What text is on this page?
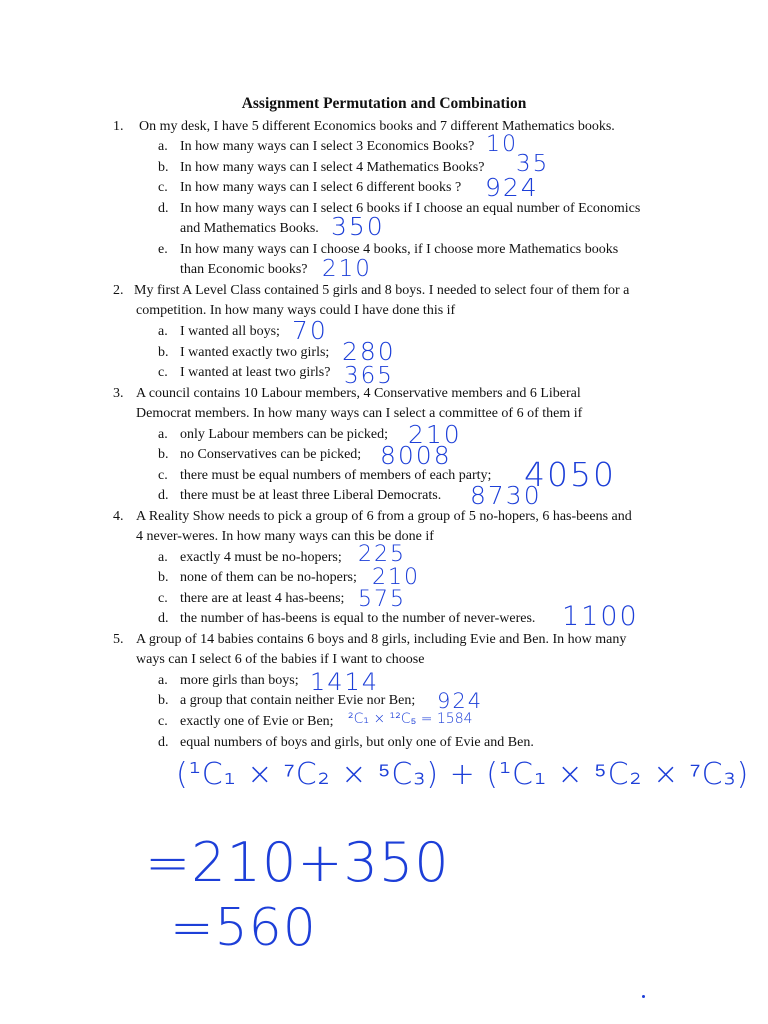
Assignment Permutation and Combination
1. On my desk, I have 5 different Economics books and 7 different Mathematics books.
a. In how many ways can I select 3 Economics Books?
b. In how many ways can I select 4 Mathematics Books?
c. In how many ways can I select 6 different books ?
d. In how many ways can I select 6 books if I choose an equal number of Economics
and Mathematics Books.
e. In how many ways can I choose 4 books, if I choose more Mathematics books
than Economic books?
2. My first A Level Class contained 5 girls and 8 boys. I needed to select four of them for a
competition. In how many ways could I have done this if
a. I wanted all boys;
b. I wanted exactly two girls;
c. I wanted at least two girls?
3. A council contains 10 Labour members, 4 Conservative members and 6 Liberal
Democrat members. In how many ways can I select a committee of 6 of them if
a. only Labour members can be picked;
b. no Conservatives can be picked;
c. there must be equal numbers of members of each party;
d. there must be at least three Liberal Democrats.
4. A Reality Show needs to pick a group of 6 from a group of 5 no-hopers, 6 has-beens and
4 never-weres. In how many ways can this be done if
a. exactly 4 must be no-hopers;
b. none of them can be no-hopers;
c. there are at least 4 has-beens;
d. the number of has-beens is equal to the number of never-weres.
5. A group of 14 babies contains 6 boys and 8 girls, including Evie and Ben. In how many
ways can I select 6 of the babies if I want to choose
a. more girls than boys;
b. a group that contain neither Evie nor Ben;
c. exactly one of Evie or Ben;
d. equal numbers of boys and girls, but only one of Evie and Ben.
10
35
924
350
210
70
280
365
210
8008 4050
8730
225
210
575
1100
1414
924
²C₁ × ¹²C₅ = 1584
(¹C₁ × ⁷C₂ × ⁵C₃) + (¹C₁ × ⁵C₂ × ⁷C₃)
=210+350
=560
